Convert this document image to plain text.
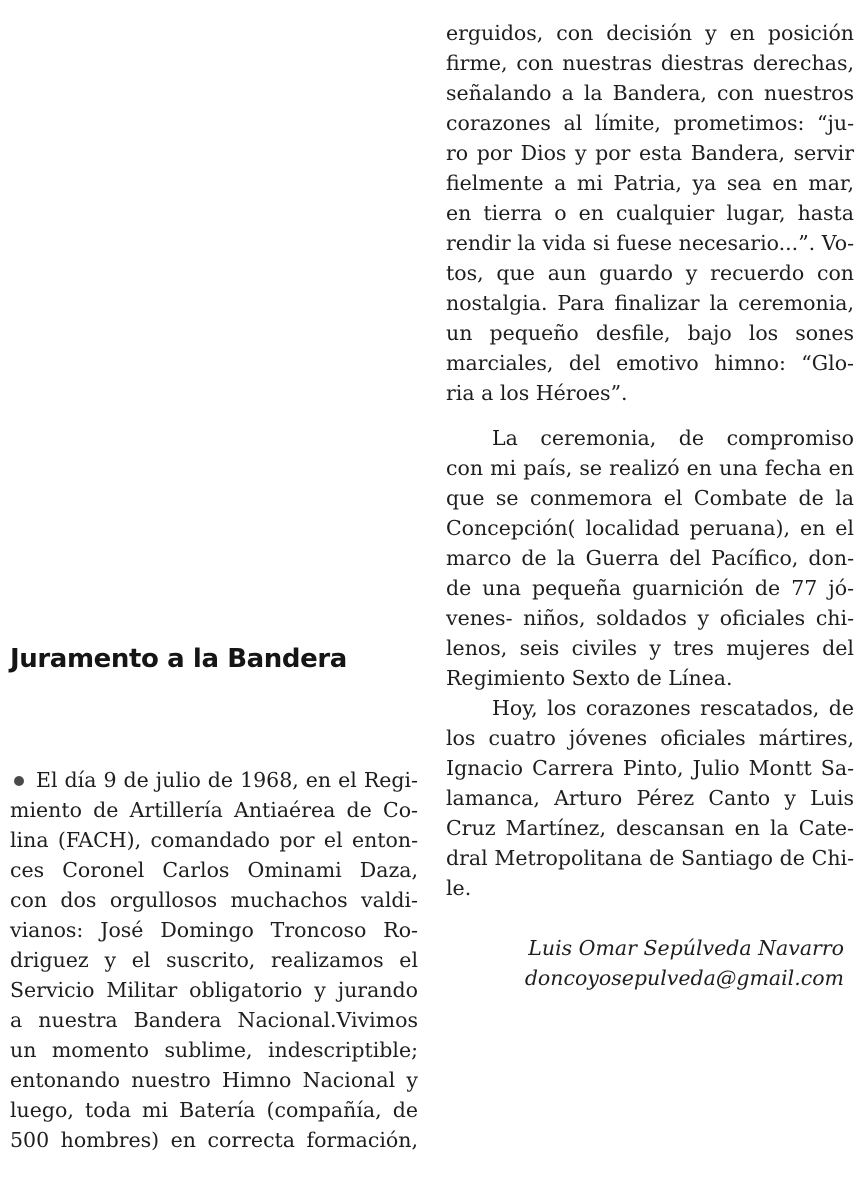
Juramento a la Bandera
El día 9 de julio de 1968, en el Regi-
miento de Artillería Antiaérea de Co-
lina (FACH), comandado por el enton-
ces Coronel Carlos Ominami Daza,
con dos orgullosos muchachos valdi-
vianos: José Domingo Troncoso Ro-
driguez y el suscrito, realizamos el
Servicio Militar obligatorio y jurando
a nuestra Bandera Nacional.Vivimos
un momento sublime, indescriptible;
entonando nuestro Himno Nacional y
luego, toda mi Batería (compañía, de
500 hombres) en correcta formación,
erguidos, con decisión y en posición
firme, con nuestras diestras derechas,
señalando a la Bandera, con nuestros
corazones al límite, prometimos: “ju-
ro por Dios y por esta Bandera, servir
fielmente a mi Patria, ya sea en mar,
en tierra o en cualquier lugar, hasta
rendir la vida si fuese necesario...”. Vo-
tos, que aun guardo y recuerdo con
nostalgia. Para finalizar la ceremonia,
un pequeño desfile, bajo los sones
marciales, del emotivo himno: “Glo-
ria a los Héroes”.
La ceremonia, de compromiso
con mi país, se realizó en una fecha en
que se conmemora el Combate de la
Concepción( localidad peruana), en el
marco de la Guerra del Pacífico, don-
de una pequeña guarnición de 77 jó-
venes- niños, soldados y oficiales chi-
lenos, seis civiles y tres mujeres del
Regimiento Sexto de Línea.
Hoy, los corazones rescatados, de
los cuatro jóvenes oficiales mártires,
Ignacio Carrera Pinto, Julio Montt Sa-
lamanca, Arturo Pérez Canto y Luis
Cruz Martínez, descansan en la Cate-
dral Metropolitana de Santiago de Chi-
le.
Luis Omar Sepúlveda Navarro
doncoyosepulveda@gmail.com
